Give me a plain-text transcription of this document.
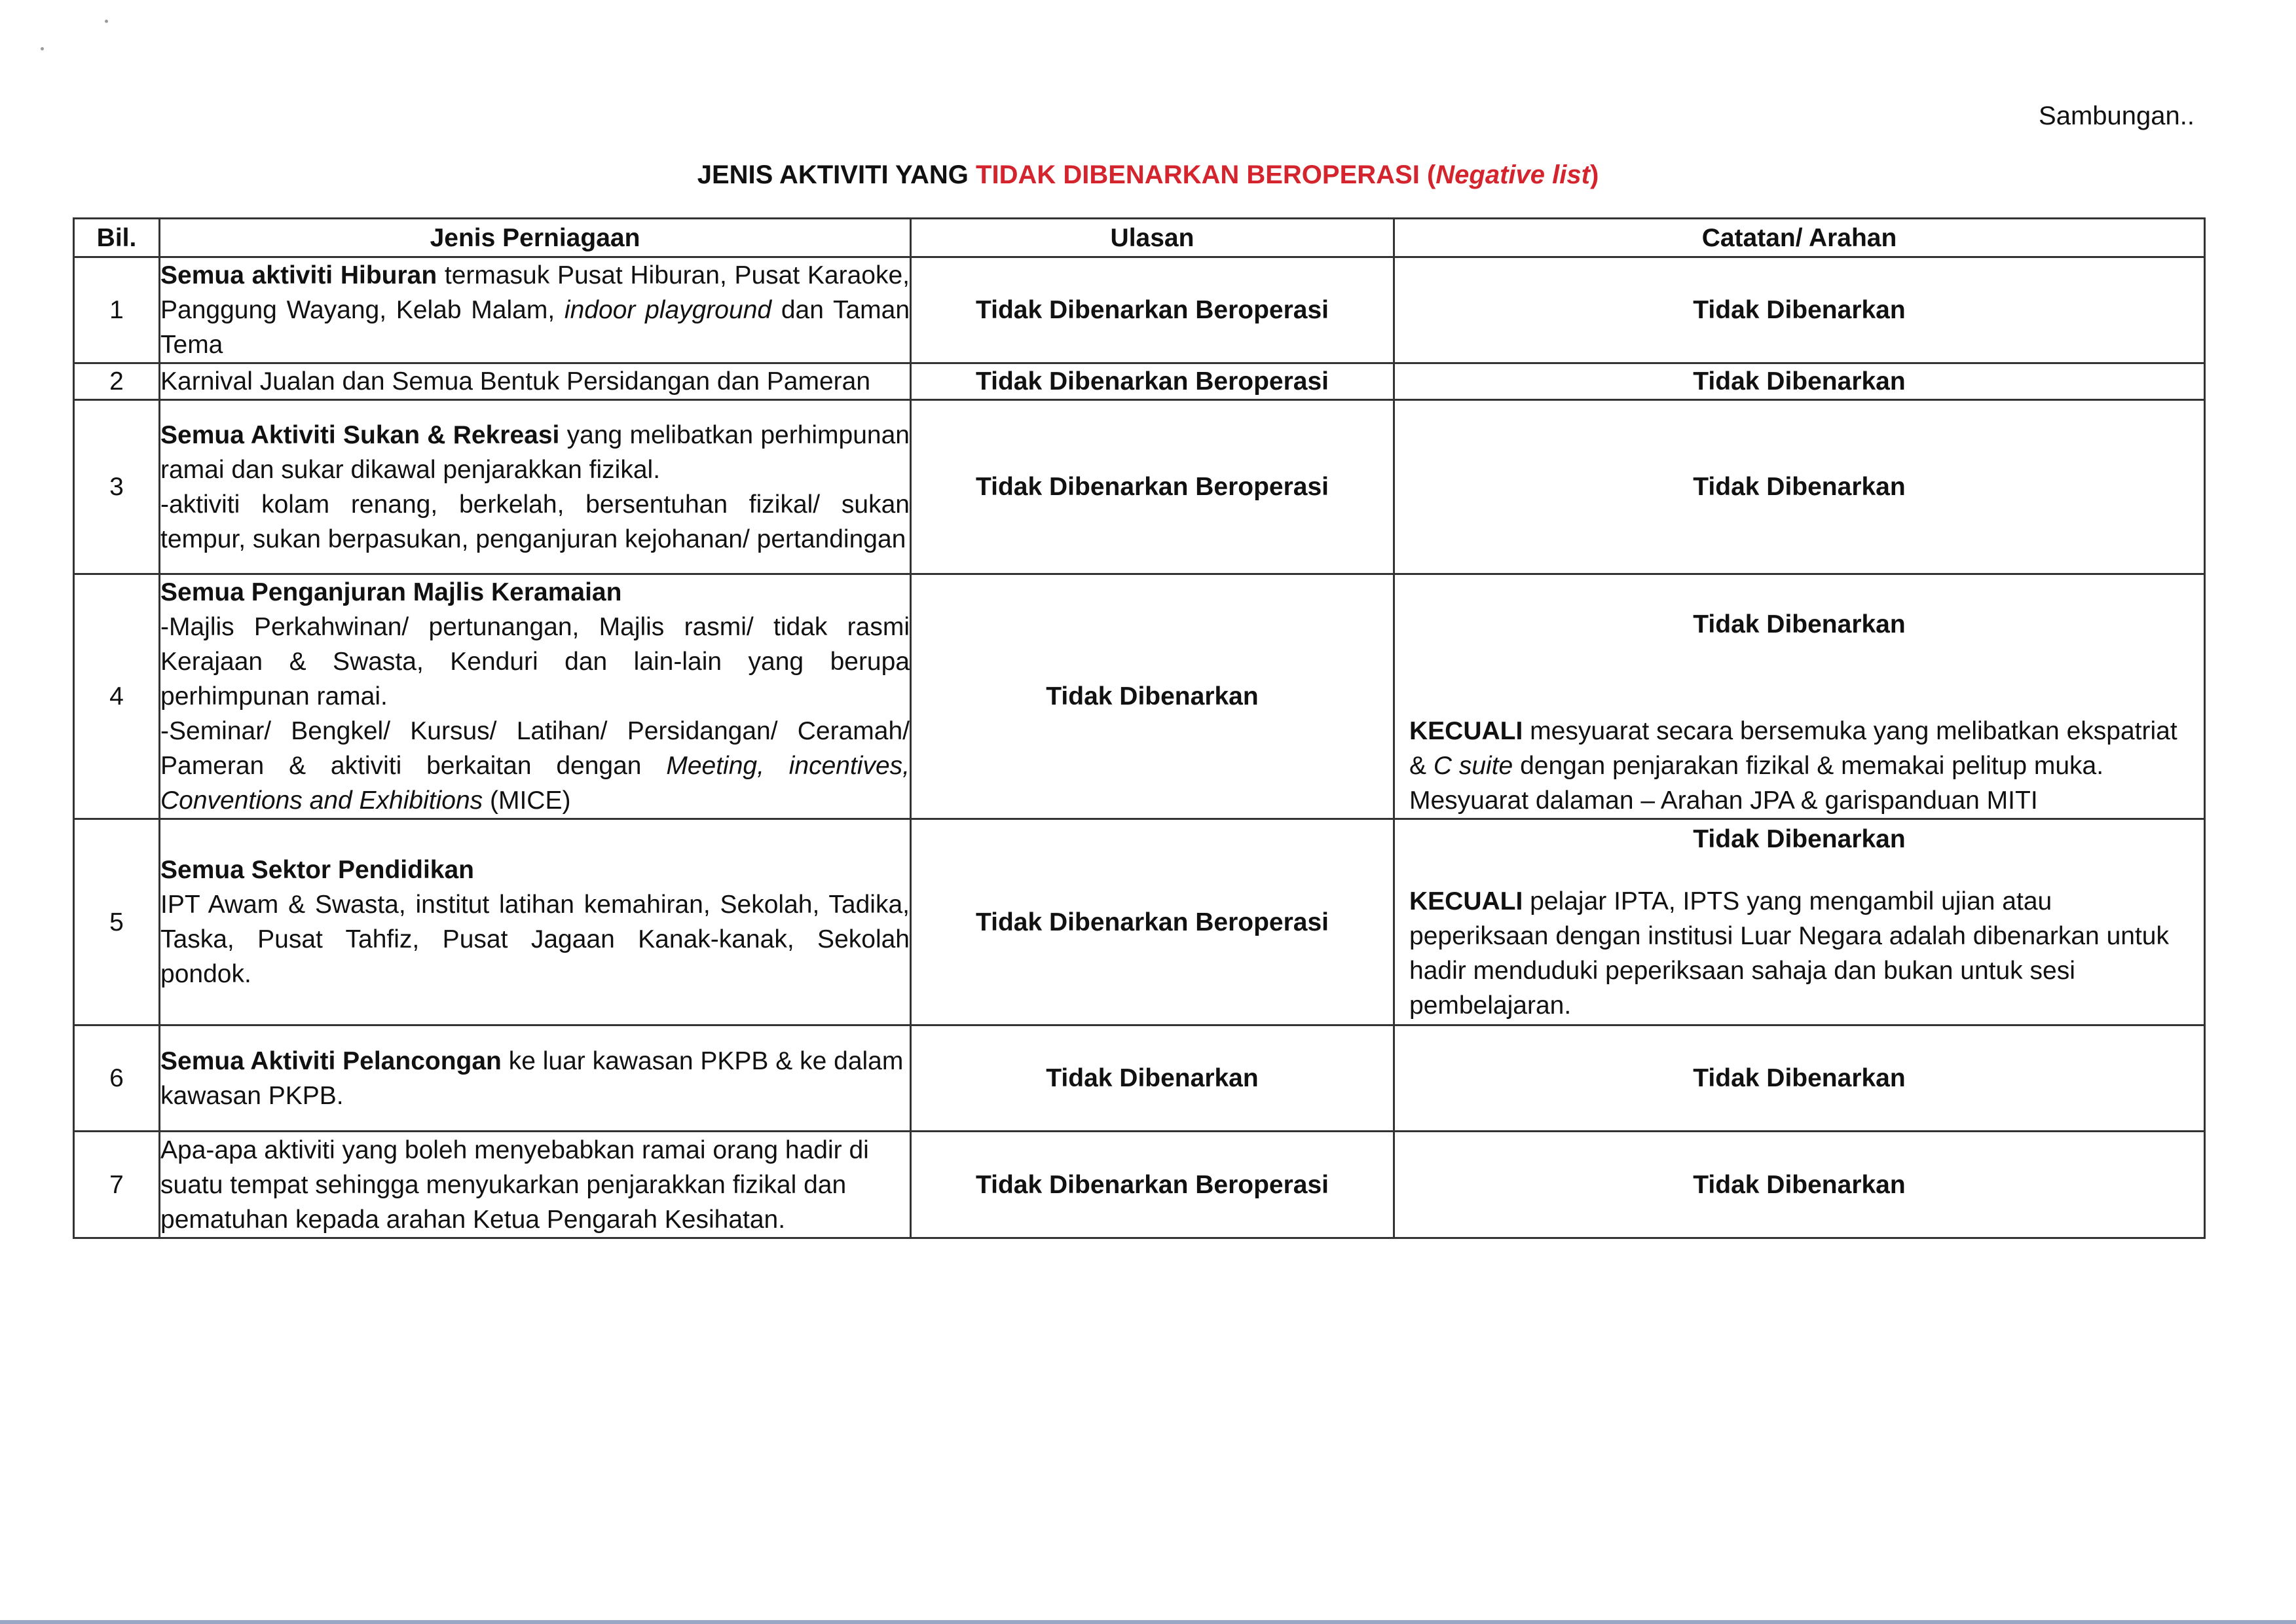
Sambungan..
JENIS AKTIVITI YANG TIDAK DIBENARKAN BEROPERASI (Negative list)
Bil.	Jenis Perniagaan	Ulasan	Catatan/ Arahan
1	Semua aktiviti Hiburan termasuk Pusat Hiburan, Pusat Karaoke, Panggung Wayang, Kelab Malam, indoor playground dan Taman Tema	Tidak Dibenarkan Beroperasi	Tidak Dibenarkan
2	Karnival Jualan dan Semua Bentuk Persidangan dan Pameran	Tidak Dibenarkan Beroperasi	Tidak Dibenarkan
3	Semua Aktiviti Sukan & Rekreasi yang melibatkan perhimpunan ramai dan sukar dikawal penjarakkan fizikal.
-aktiviti kolam renang, berkelah, bersentuhan fizikal/ sukan tempur, sukan berpasukan, penganjuran kejohanan/ pertandingan	Tidak Dibenarkan Beroperasi	Tidak Dibenarkan
4	Semua Penganjuran Majlis Keramaian
-Majlis Perkahwinan/ pertunangan, Majlis rasmi/ tidak rasmi Kerajaan & Swasta, Kenduri dan lain-lain yang berupa perhimpunan ramai.
-Seminar/ Bengkel/ Kursus/ Latihan/ Persidangan/ Ceramah/ Pameran & aktiviti berkaitan dengan Meeting, incentives, Conventions and Exhibitions (MICE)	Tidak Dibenarkan	Tidak Dibenarkan
KECUALI mesyuarat secara bersemuka yang melibatkan ekspatriat & C suite dengan penjarakan fizikal & memakai pelitup muka. Mesyuarat dalaman – Arahan JPA & garispanduan MITI

5	Semua Sektor Pendidikan
IPT Awam & Swasta, institut latihan kemahiran, Sekolah, Tadika, Taska, Pusat Tahfiz, Pusat Jagaan Kanak-kanak, Sekolah pondok.	Tidak Dibenarkan Beroperasi	Tidak Dibenarkan
KECUALI pelajar IPTA, IPTS yang mengambil ujian atau peperiksaan dengan institusi Luar Negara adalah dibenarkan untuk hadir menduduki peperiksaan sahaja dan bukan untuk sesi pembelajaran.

6	Semua Aktiviti Pelancongan ke luar kawasan PKPB & ke dalam kawasan PKPB.	Tidak Dibenarkan	Tidak Dibenarkan
7	Apa-apa aktiviti yang boleh menyebabkan ramai orang hadir di suatu tempat sehingga menyukarkan penjarakkan fizikal dan pematuhan kepada arahan Ketua Pengarah Kesihatan.	Tidak Dibenarkan Beroperasi	Tidak Dibenarkan
